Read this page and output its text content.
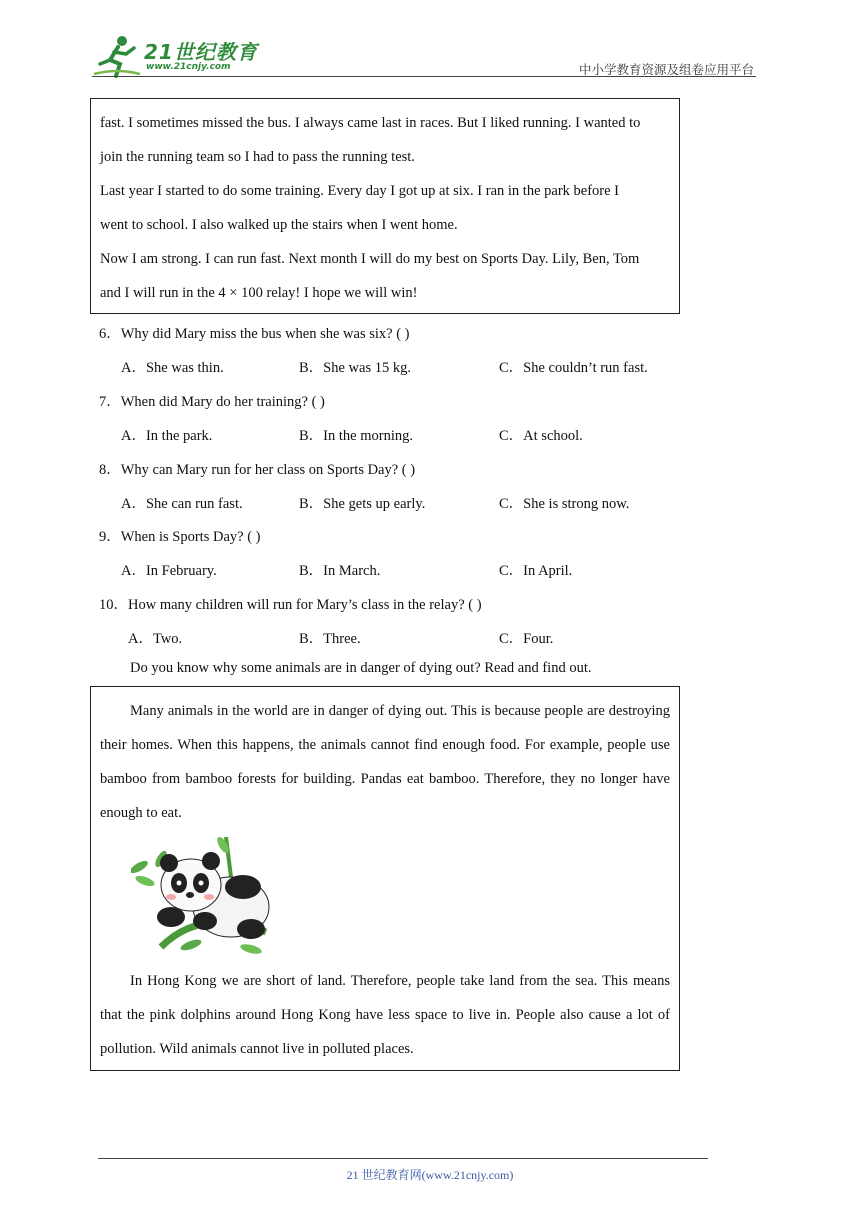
21世纪教育
www.21cnjy.com	中小学教育资源及组卷应用平台

fast. I sometimes missed the bus. I always came last in races. But I liked running. I wanted to

join the running team so I had to pass the running test.

Last year I started to do some training. Every day I got up at six. I ran in the park before I

went to school. I also walked up the stairs when I went home.

Now I am strong. I can run fast. Next month I will do my best on Sports Day. Lily, Ben, Tom

and I will run in the 4 × 100 relay! I hope we will win!

6．Why did Mary miss the bus when she was six? ( )
A．She was thin.	B．She was 15 kg.	C．She couldn’t run fast.
7．When did Mary do her training? ( )
A．In the park.	B．In the morning.	C．At school.
8．Why can Mary run for her class on Sports Day? ( )
A．She can run fast.	B．She gets up early.	C．She is strong now.
9．When is Sports Day? ( )
A．In February.	B．In March.	C．In April.
10．How many children will run for Mary’s class in the relay? ( )
A．Two.	B．Three.	C．Four.
Do you know why some animals are in danger of dying out? Read and find out.

Many animals in the world are in danger of dying out. This is because people are destroying their homes. When this happens, the animals cannot find enough food. For example, people use bamboo from bamboo forests for building. Pandas eat bamboo. Therefore, they no longer have enough to eat.

In Hong Kong we are short of land. Therefore, people take land from the sea. This means that the pink dolphins around Hong Kong have less space to live in. People also cause a lot of pollution. Wild animals cannot live in polluted places.

21 世纪教育网(www.21cnjy.com)
